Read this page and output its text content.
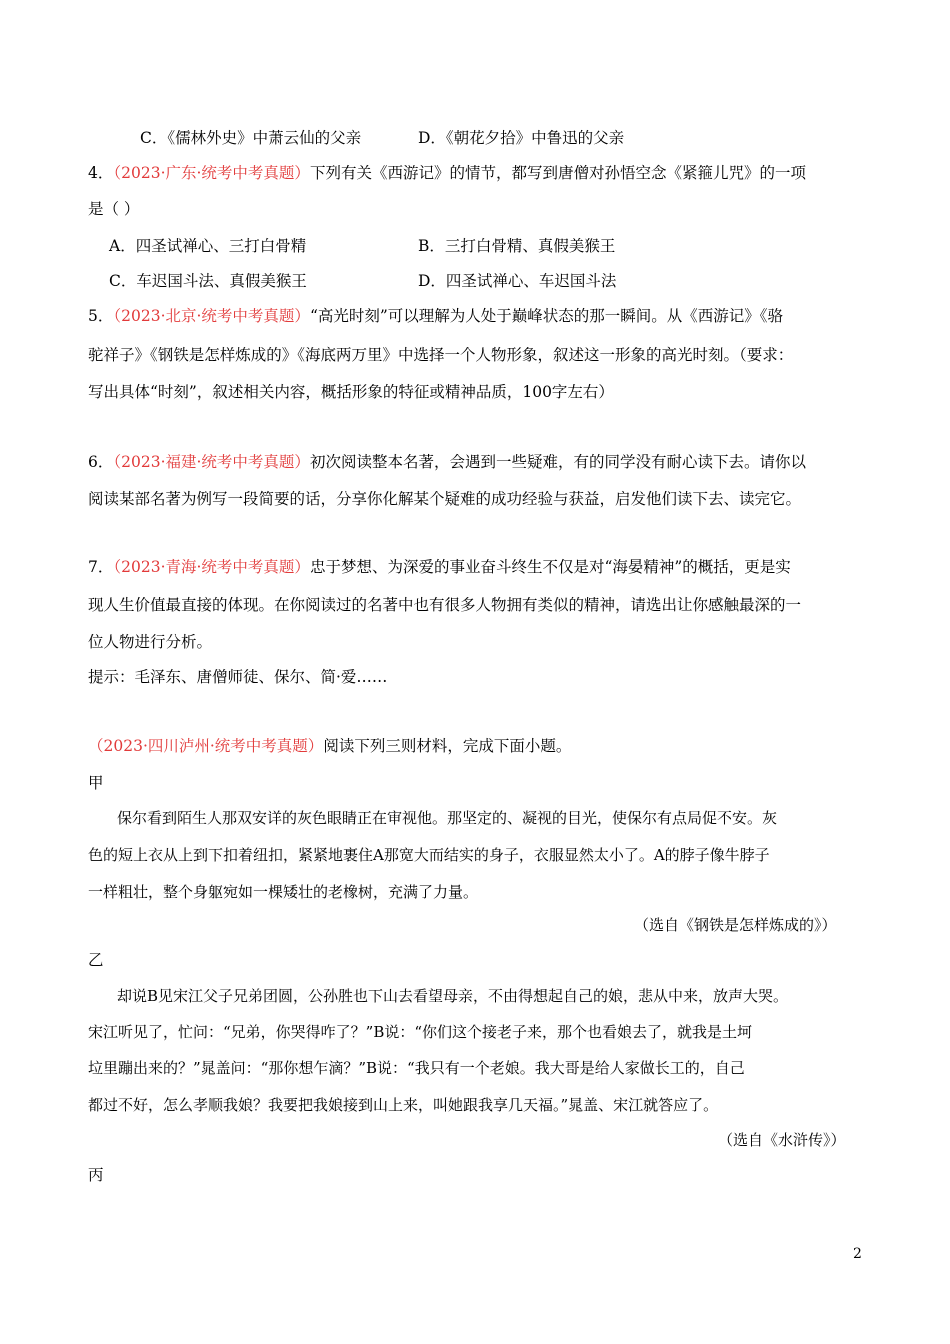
C．《儒林外史》中萧云仙的父亲	D．《朝花夕拾》中鲁迅的父亲
4．（2023·广东·统考中考真题）下列有关《西游记》的情节，都写到唐僧对孙悟空念《紧箍儿咒》的一项
是（ ）
A．四圣试禅心、三打白骨精	B．三打白骨精、真假美猴王
C．车迟国斗法、真假美猴王	D．四圣试禅心、车迟国斗法
5．（2023·北京·统考中考真题）“高光时刻”可以理解为人处于巅峰状态的那一瞬间。从《西游记》《骆
驼祥子》《钢铁是怎样炼成的》《海底两万里》中选择一个人物形象，叙述这一形象的高光时刻。（要求：
写出具体“时刻”，叙述相关内容，概括形象的特征或精神品质，100字左右）
6．（2023·福建·统考中考真题）初次阅读整本名著，会遇到一些疑难，有的同学没有耐心读下去。请你以
阅读某部名著为例写一段简要的话，分享你化解某个疑难的成功经验与获益，启发他们读下去、读完它。
7．（2023·青海·统考中考真题）忠于梦想、为深爱的事业奋斗终生不仅是对“海晏精神”的概括，更是实
现人生价值最直接的体现。在你阅读过的名著中也有很多人物拥有类似的精神，请选出让你感触最深的一
位人物进行分析。
提示：毛泽东、唐僧师徒、保尔、简·爱……
（2023·四川泸州·统考中考真题）阅读下列三则材料，完成下面小题。
甲
保尔看到陌生人那双安详的灰色眼睛正在审视他。那坚定的、凝视的目光，使保尔有点局促不安。灰
色的短上衣从上到下扣着纽扣，紧紧地裹住A那宽大而结实的身子，衣服显然太小了。A的脖子像牛脖子
一样粗壮，整个身躯宛如一棵矮壮的老橡树，充满了力量。
（选自《钢铁是怎样炼成的》）
乙
却说B见宋江父子兄弟团圆，公孙胜也下山去看望母亲，不由得想起自己的娘，悲从中来，放声大哭。
宋江听见了，忙问：“兄弟，你哭得咋了？”B说：“你们这个接老子来，那个也看娘去了，就我是土坷
垃里蹦出来的？”晁盖问：“那你想乍滴？”B说：“我只有一个老娘。我大哥是给人家做长工的，自己
都过不好，怎么孝顺我娘？我要把我娘接到山上来，叫她跟我享几天福。”晁盖、宋江就答应了。
（选自《水浒传》）
丙
2
